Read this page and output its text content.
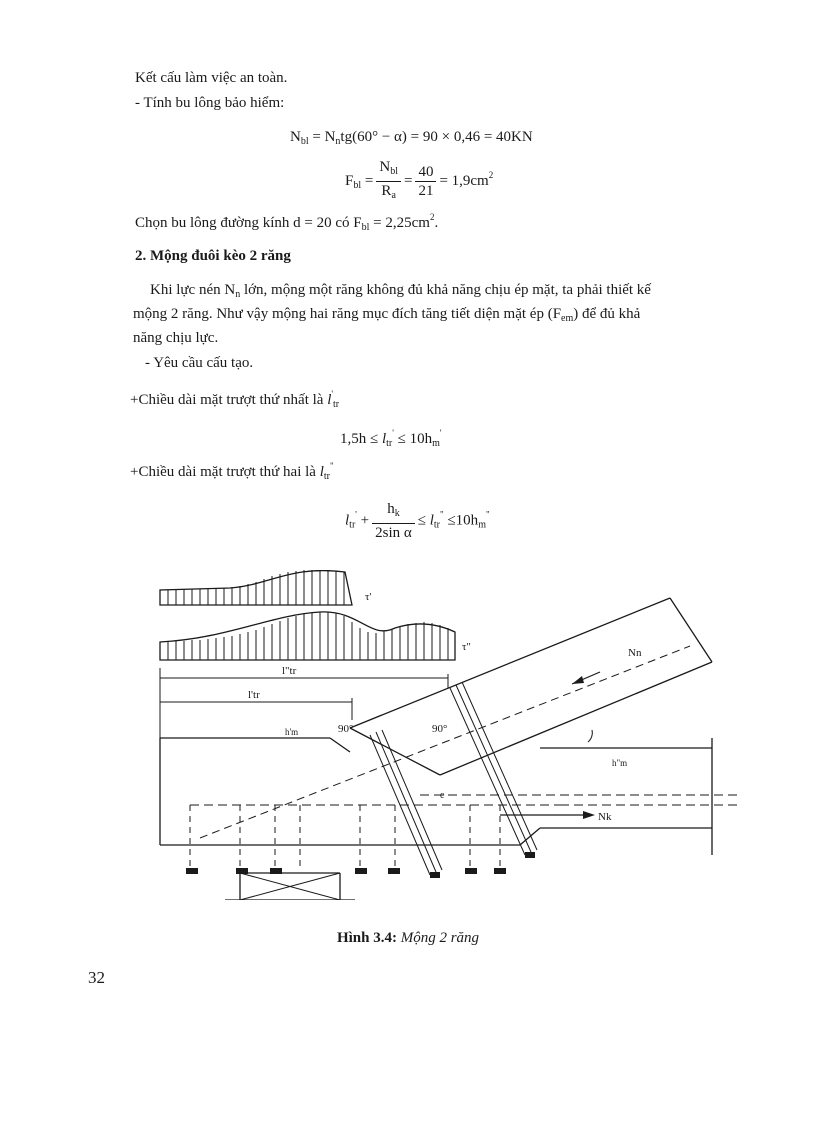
Kết cấu làm việc an toàn.
- Tính bu lông bảo hiểm:
$N_{bl} = N_ntg(60^\circ - \alpha) = 90 \times 0,46 = 40KN$
$F_{bl} = \frac{N_{bl}}{R_a} = \frac{40}{21} = 1,9cm^2$
Chọn bu lông đường kính d = 20 có $F_{bl} = 2,25cm^2$.
2. Mộng đuôi kèo 2 răng
Khi lực nén $N_n$ lớn, mộng một răng không đủ khả năng chịu ép mặt, ta phải thiết kế
mộng 2 răng. Như vậy mộng hai răng mục đích tăng tiết diện mặt ép $(F_{em})$ để đủ khả
năng chịu lực.
- Yêu cầu cấu tạo.
+Chiều dài mặt trượt thứ nhất là $l'_{tr}$
$1,5h \le l_{tr}' \le 10h_m'$
+Chiều dài mặt trượt thứ hai là $l_{tr}^"$
$l_{tr}' + \frac{h_k}{\text{2sin α}} \le l_{tr}^" \le 10h_m^"$
τ'
τ"
l"tr
l'tr
90°	90°
h'm
h"m
e
Nn
Nk
Hình 3.4: Mộng 2 răng
32
